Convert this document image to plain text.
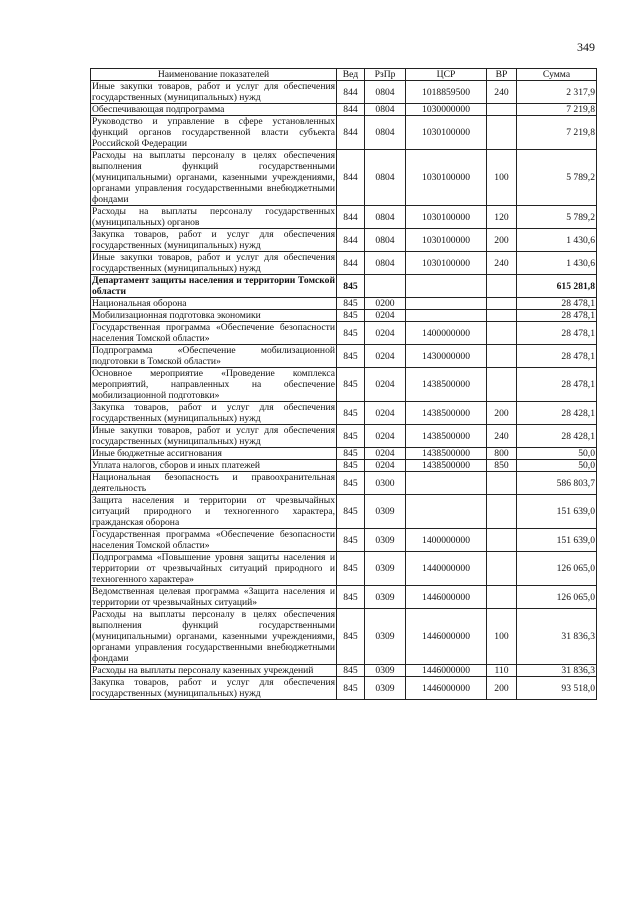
349
Наименование показателей	Вед	РзПр	ЦСР	ВР	Сумма
Иные закупки товаров, работ и услуг для обеспечения государственных (муниципальных) нужд	844	0804	1018859500	240	2 317,9
Обеспечивающая подпрограмма	844	0804	1030000000		7 219,8
Руководство и управление в сфере установленных функций органов государственной власти субъекта Российской Федерации	844	0804	1030100000		7 219,8
Расходы на выплаты персоналу в целях обеспечения выполнения функций государственными (муниципальными) органами, казенными учреждениями, органами управления государственными внебюджетными фондами	844	0804	1030100000	100	5 789,2
Расходы на выплаты персоналу государственных (муниципальных) органов	844	0804	1030100000	120	5 789,2
Закупка товаров, работ и услуг для обеспечения государственных (муниципальных) нужд	844	0804	1030100000	200	1 430,6
Иные закупки товаров, работ и услуг для обеспечения государственных (муниципальных) нужд	844	0804	1030100000	240	1 430,6
Департамент защиты населения и территории Томской области	845				615 281,8
Национальная оборона	845	0200			28 478,1
Мобилизационная подготовка экономики	845	0204			28 478,1
Государственная программа «Обеспечение безопасности населения Томской области»	845	0204	1400000000		28 478,1
Подпрограмма «Обеспечение мобилизационной подготовки в Томской области»	845	0204	1430000000		28 478,1
Основное мероприятие «Проведение комплекса мероприятий, направленных на обеспечение мобилизационной подготовки»	845	0204	1438500000		28 478,1
Закупка товаров, работ и услуг для обеспечения государственных (муниципальных) нужд	845	0204	1438500000	200	28 428,1
Иные закупки товаров, работ и услуг для обеспечения государственных (муниципальных) нужд	845	0204	1438500000	240	28 428,1
Иные бюджетные ассигнования	845	0204	1438500000	800	50,0
Уплата налогов, сборов и иных платежей	845	0204	1438500000	850	50,0
Национальная безопасность и правоохранительная деятельность	845	0300			586 803,7
Защита населения и территории от чрезвычайных ситуаций природного и техногенного характера, гражданская оборона	845	0309			151 639,0
Государственная программа «Обеспечение безопасности населения Томской области»	845	0309	1400000000		151 639,0
Подпрограмма «Повышение уровня защиты населения и территории от чрезвычайных ситуаций природного и техногенного характера»	845	0309	1440000000		126 065,0
Ведомственная целевая программа «Защита населения и территории от чрезвычайных ситуаций»	845	0309	1446000000		126 065,0
Расходы на выплаты персоналу в целях обеспечения выполнения функций государственными (муниципальными) органами, казенными учреждениями, органами управления государственными внебюджетными фондами	845	0309	1446000000	100	31 836,3
Расходы на выплаты персоналу казенных учреждений	845	0309	1446000000	110	31 836,3
Закупка товаров, работ и услуг для обеспечения государственных (муниципальных) нужд	845	0309	1446000000	200	93 518,0
